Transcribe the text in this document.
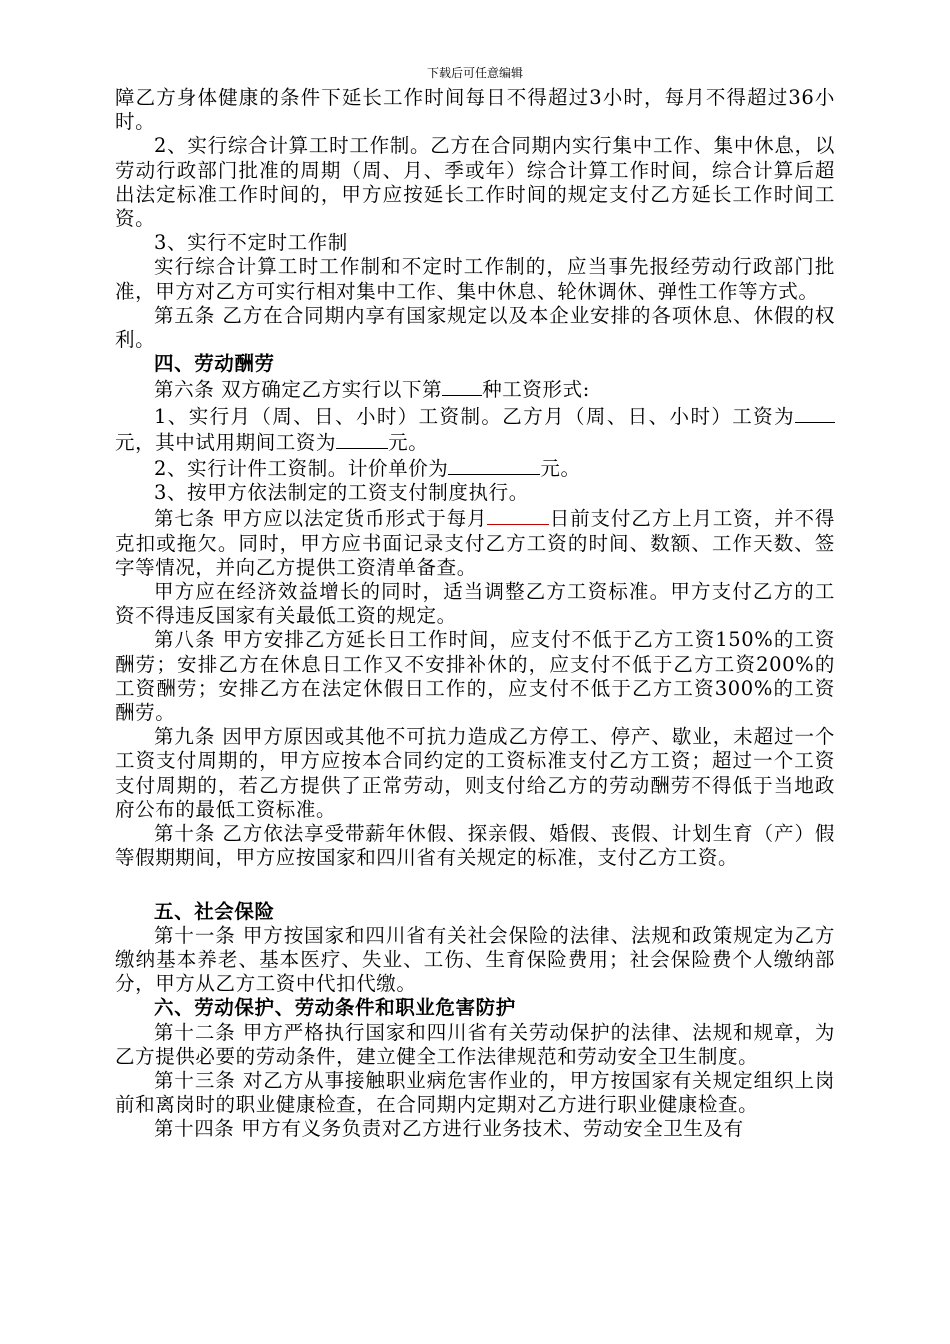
下载后可任意编辑

障乙方身体健康的条件下延长工作时间每日不得超过3小时，每月不得超过36小时。

2、实行综合计算工时工作制。乙方在合同期内实行集中工作、集中休息，以劳动行政部门批准的周期（周、月、季或年）综合计算工作时间，综合计算后超出法定标准工作时间的，甲方应按延长工作时间的规定支付乙方延长工作时间工资。

3、实行不定时工作制

实行综合计算工时工作制和不定时工作制的，应当事先报经劳动行政部门批准，甲方对乙方可实行相对集中工作、集中休息、轮休调休、弹性工作等方式。

第五条 乙方在合同期内享有国家规定以及本企业安排的各项休息、休假的权利。

四、劳动酬劳

第六条 双方确定乙方实行以下第 种工资形式:

1、实行月（周、日、小时）工资制。乙方月（周、日、小时）工资为元，其中试用期间工资为	元。

2、实行计件工资制。计价单价为	元。

3、按甲方依法制定的工资支付制度执行。

第七条 甲方应以法定货币形式于每月	日前支付乙方上月工资，并不得克扣或拖欠。同时，甲方应书面记录支付乙方工资的时间、数额、工作天数、签字等情况，并向乙方提供工资清单备查。

甲方应在经济效益增长的同时，适当调整乙方工资标准。甲方支付乙方的工资不得违反国家有关最低工资的规定。

第八条 甲方安排乙方延长日工作时间，应支付不低于乙方工资150%的工资酬劳；安排乙方在休息日工作又不安排补休的，应支付不低于乙方工资200%的工资酬劳；安排乙方在法定休假日工作的，应支付不低于乙方工资300%的工资酬劳。

第九条 因甲方原因或其他不可抗力造成乙方停工、停产、歇业，未超过一个工资支付周期的，甲方应按本合同约定的工资标准支付乙方工资；超过一个工资支付周期的，若乙方提供了正常劳动，则支付给乙方的劳动酬劳不得低于当地政府公布的最低工资标准。

第十条 乙方依法享受带薪年休假、探亲假、婚假、丧假、计划生育（产）假等假期期间，甲方应按国家和四川省有关规定的标准，支付乙方工资。

五、社会保险

第十一条 甲方按国家和四川省有关社会保险的法律、法规和政策规定为乙方缴纳基本养老、基本医疗、失业、工伤、生育保险费用；社会保险费个人缴纳部分，甲方从乙方工资中代扣代缴。

六、劳动保护、劳动条件和职业危害防护

第十二条 甲方严格执行国家和四川省有关劳动保护的法律、法规和规章，为乙方提供必要的劳动条件，建立健全工作法律规范和劳动安全卫生制度。

第十三条 对乙方从事接触职业病危害作业的，甲方按国家有关规定组织上岗前和离岗时的职业健康检查，在合同期内定期对乙方进行职业健康检查。

第十四条 甲方有义务负责对乙方进行业务技术、劳动安全卫生及有
